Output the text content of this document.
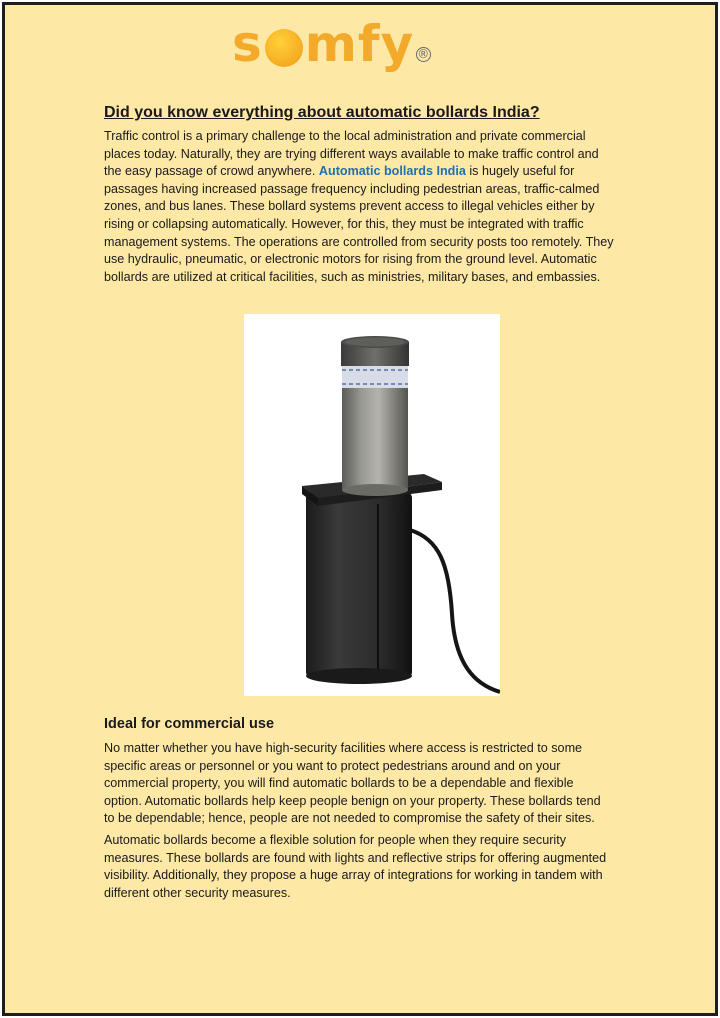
s mfy ®
Did you know everything about automatic bollards India?

Traffic control is a primary challenge to the local administration and private commercial places today. Naturally, they are trying different ways available to make traffic control and the easy passage of crowd anywhere. Automatic bollards India is hugely useful for passages having increased passage frequency including pedestrian areas, traffic-calmed zones, and bus lanes. These bollard systems prevent access to illegal vehicles either by rising or collapsing automatically. However, for this, they must be integrated with traffic management systems. The operations are controlled from security posts too remotely. They use hydraulic, pneumatic, or electronic motors for rising from the ground level. Automatic bollards are utilized at critical facilities, such as ministries, military bases, and embassies.

Ideal for commercial use

No matter whether you have high-security facilities where access is restricted to some specific areas or personnel or you want to protect pedestrians around and on your commercial property, you will find automatic bollards to be a dependable and flexible option. Automatic bollards help keep people benign on your property. These bollards tend to be dependable; hence, people are not needed to compromise the safety of their sites.

Automatic bollards become a flexible solution for people when they require security measures. These bollards are found with lights and reflective strips for offering augmented visibility. Additionally, they propose a huge array of integrations for working in tandem with different other security measures.
